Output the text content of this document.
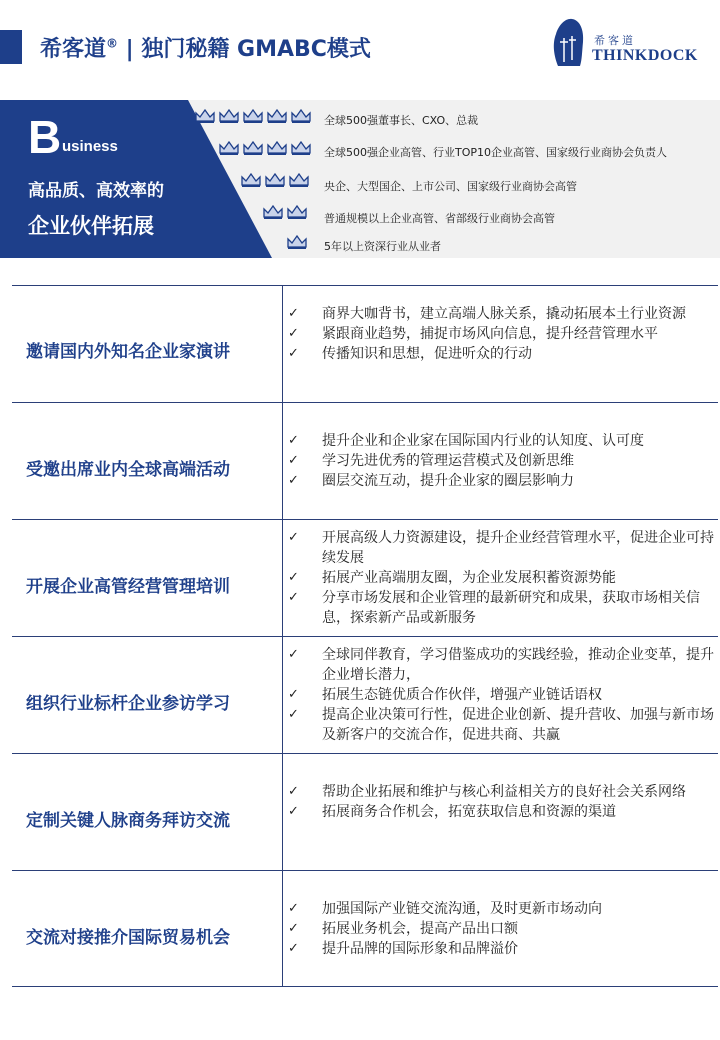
希客道® | 独门秘籍 GMABC模式	希客道
THINKDOCK
B usiness
高品质、高效率的
企业伙伴拓展
全球500强董事长、CXO、总裁
全球500强企业高管、行业TOP10企业高管、国家级行业商协会负责人
央企、大型国企、上市公司、国家级行业商协会高管
普通规模以上企业高管、省部级行业商协会高管
5年以上资深行业从业者
邀请国内外知名企业家演讲
✓	商界大咖背书，建立高端人脉关系，撬动拓展本土行业资源
✓	紧跟商业趋势，捕捉市场风向信息，提升经营管理水平
✓	传播知识和思想，促进听众的行动
受邀出席业内全球高端活动
✓	提升企业和企业家在国际国内行业的认知度、认可度
✓	学习先进优秀的管理运营模式及创新思维
✓	圈层交流互动，提升企业家的圈层影响力
开展企业高管经营管理培训
✓	开展高级人力资源建设，提升企业经营管理水平，促进企业可持续发展
✓	拓展产业高端朋友圈，为企业发展积蓄资源势能
✓	分享市场发展和企业管理的最新研究和成果，获取市场相关信息，探索新产品或新服务
组织行业标杆企业参访学习
✓	全球同伴教育，学习借鉴成功的实践经验，推动企业变革，提升企业增长潜力，
✓	拓展生态链优质合作伙伴，增强产业链话语权
✓	提高企业决策可行性，促进企业创新、提升营收、加强与新市场及新客户的交流合作，促进共商、共赢
定制关键人脉商务拜访交流
✓	帮助企业拓展和维护与核心利益相关方的良好社会关系网络
✓	拓展商务合作机会，拓宽获取信息和资源的渠道
交流对接推介国际贸易机会
✓	加强国际产业链交流沟通，及时更新市场动向
✓	拓展业务机会，提高产品出口额
✓	提升品牌的国际形象和品牌溢价
